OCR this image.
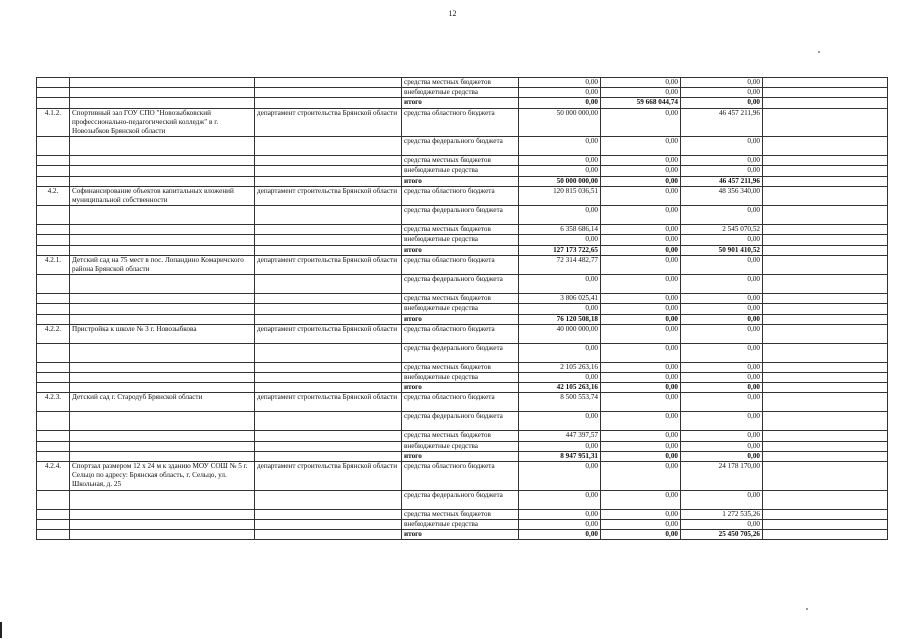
12
			средства местных бюджетов	0,00	0,00	0,00	
			внебюджетные средства	0,00	0,00	0,00	
			итого	0,00	59 668 044,74	0,00	
4.1.2.	Спортивный зал ГОУ СПО "Новозыбковский профессионально-педагогический колледж" в г. Новозыбков Брянской области	департамент строительства Брянской области	средства областного бюджета	50 000 000,00	0,00	46 457 211,96	
			средства федерального бюджета	0,00	0,00	0,00	
			средства местных бюджетов	0,00	0,00	0,00	
			внебюджетные средства	0,00	0,00	0,00	
			итого	50 000 000,00	0,00	46 457 211,96	
4.2.	Софинансирование объектов капитальных вложений муниципальной собственности	департамент строительства Брянской области	средства областного бюджета	120 815 036,51	0,00	48 356 340,00	
			средства федерального бюджета	0,00	0,00	0,00	
			средства местных бюджетов	6 358 686,14	0,00	2 545 070,52	
			внебюджетные средства	0,00	0,00	0,00	
			итого	127 173 722,65	0,00	50 901 410,52	
4.2.1.	Детский сад на 75 мест в пос. Лопандино Комаричского района Брянской области	департамент строительства Брянской области	средства областного бюджета	72 314 482,77	0,00	0,00	
			средства федерального бюджета	0,00	0,00	0,00	
			средства местных бюджетов	3 806 025,41	0,00	0,00	
			внебюджетные средства	0,00	0,00	0,00	
			итого	76 120 508,18	0,00	0,00	
4.2.2.	Пристройка к школе № 3 г. Новозыбкова	департамент строительства Брянской области	средства областного бюджета	40 000 000,00	0,00	0,00	
			средства федерального бюджета	0,00	0,00	0,00	
			средства местных бюджетов	2 105 263,16	0,00	0,00	
			внебюджетные средства	0,00	0,00	0,00	
			итого	42 105 263,16	0,00	0,00	
4.2.3.	Детский сад г. Стародуб Брянской области	департамент строительства Брянской области	средства областного бюджета	8 500 553,74	0,00	0,00	
			средства федерального бюджета	0,00	0,00	0,00	
			средства местных бюджетов	447 397,57	0,00	0,00	
			внебюджетные средства	0,00	0,00	0,00	
			итого	8 947 951,31	0,00	0,00	
4.2.4.	Спортзал размером 12 х 24 м к зданию МОУ СОШ № 5 г. Сельцо по адресу: Брянская область, г. Сельцо, ул. Школьная, д. 25	департамент строительства Брянской области	средства областного бюджета	0,00	0,00	24 178 170,00	
			средства федерального бюджета	0,00	0,00	0,00	
			средства местных бюджетов	0,00	0,00	1 272 535,26	
			внебюджетные средства	0,00	0,00	0,00	
			итого	0,00	0,00	25 450 705,26	
